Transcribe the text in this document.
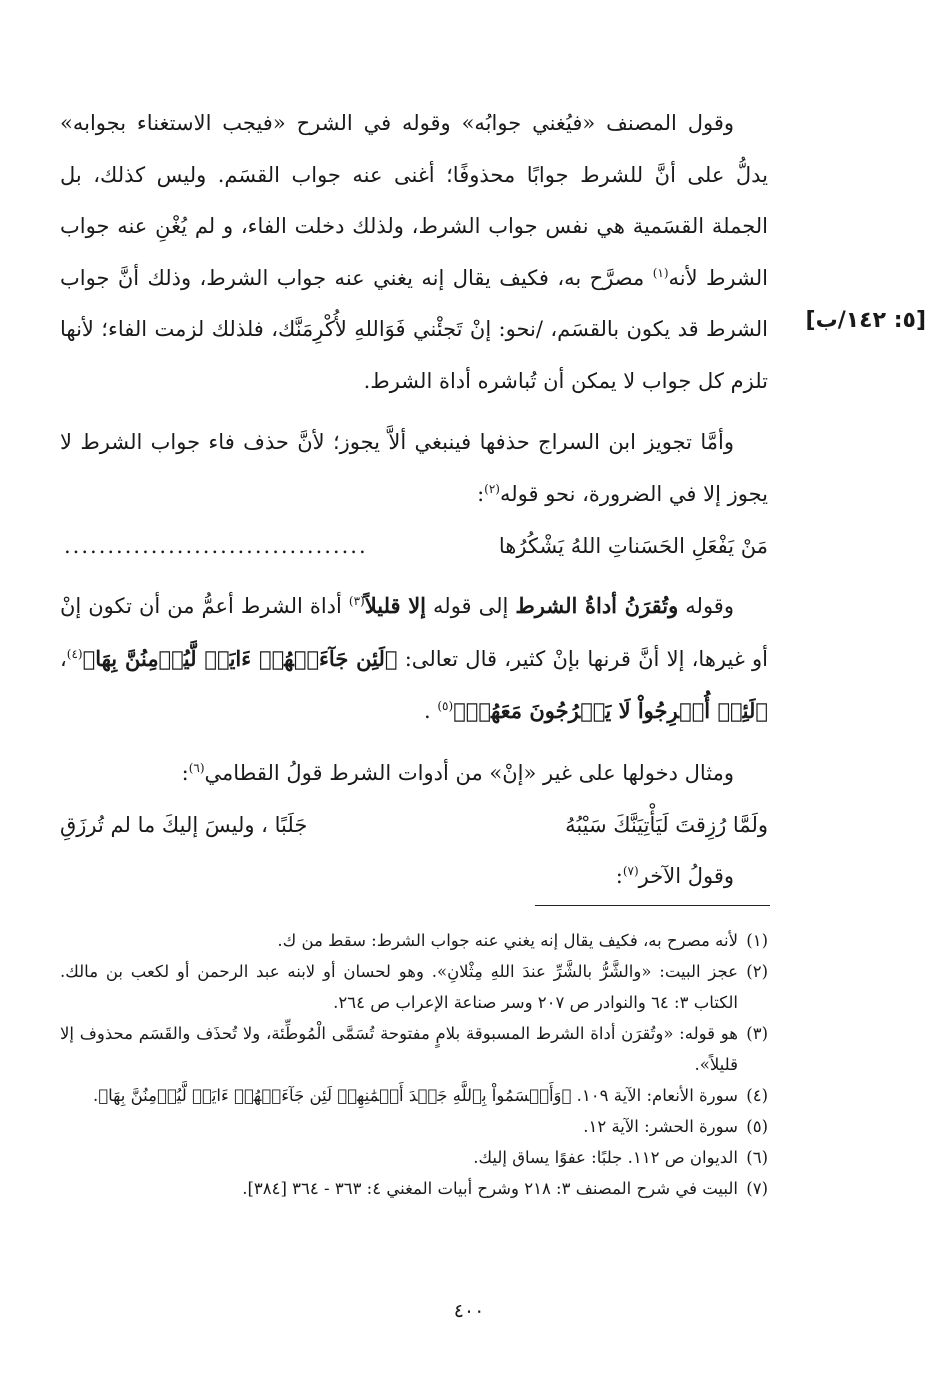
[٥: ١٤٢/ب]

وقول المصنف «فيُغني جوابُه» وقوله في الشرح «فيجب الاستغناء بجوابه» يدلُّ على أنَّ للشرط جوابًا محذوفًا؛ أغنى عنه جواب القسَم. وليس كذلك، بل الجملة القسَمية هي نفس جواب الشرط، ولذلك دخلت الفاء، و لم يُغْنِ عنه جواب الشرط لأنه$^{(١)}$ مصرَّح به، فكيف يقال إنه يغني عنه جواب الشرط، وذلك أنَّ جواب الشرط قد يكون بالقسَم، /نحو: إنْ تَجئْني فَوَاللهِ لأُكْرِمَنَّك، فلذلك لزمت الفاء؛ لأنها تلزم كل جواب لا يمكن أن تُباشره أداة الشرط.

وأمَّا تجويز ابن السراج حذفها فينبغي ألاَّ يجوز؛ لأنَّ حذف فاء جواب الشرط لا يجوز إلا في الضرورة، نحو قوله$^{(٢)}$:

مَنْ يَفْعَلِ الحَسَناتِ اللهُ يَشْكُرُها
...................................

وقوله وتُقرَنُ أداةُ الشرط إلى قوله إلا قليلاً$^{(٣)}$ أداة الشرط أعمُّ من أن تكون إنْ أو غيرها، إلا أنَّ قرنها بإنْ كثير، قال تعالى: ﴿لَئِن جَآءَتۡهُمۡ ءَايَةٞ لَّيُؤۡمِنُنَّ بِهَا﴾$^{(٤)}$، ﴿لَئِنۡ أُخۡرِجُواْ لَا يَخۡرُجُونَ مَعَهُمۡ﴾$^{(٥)}$ .

ومثال دخولها على غير «إنْ» من أدوات الشرط قولُ القطامي$^{(٦)}$:

ولَمَّا رُزِقتَ لَيَأْتِيَنَّكَ سَيْبُهُ
جَلَبًا ، وليسَ إليكَ ما لم تُرزَقِ

وقولُ الآخر$^{(٧)}$:

(١)لأنه مصرح به، فكيف يقال إنه يغني عنه جواب الشرط: سقط من ك.

(٢)عجز البيت: «والشَّرُّ بالشَّرِّ عندَ اللهِ مِثْلانِ». وهو لحسان أو لابنه عبد الرحمن أو لكعب بن مالك. الكتاب ٣: ٦٤ والنوادر ص ٢٠٧ وسر صناعة الإعراب ص ٢٦٤.

(٣)هو قوله: «وتُقرَن أداة الشرط المسبوقة بلامٍ مفتوحة تُسَمَّى الْمُوطِّئة، ولا تُحذَف والقَسَم محذوف إلا قليلاً».

(٤)سورة الأنعام: الآية ١٠٩. ﴿وَأَقۡسَمُواْ بِٱللَّهِ جَهۡدَ أَيۡمَٰنِهِمۡ لَئِن جَآءَتۡهُمۡ ءَايَةٞ لَّيُؤۡمِنُنَّ بِهَا﴾.

(٥)سورة الحشر: الآية ١٢.

(٦)الديوان ص ١١٢. جلبًا: عفوًا يساق إليك.

(٧)البيت في شرح المصنف ٣: ٢١٨ وشرح أبيات المغني ٤: ٣٦٣ - ٣٦٤ [٣٨٤].

٤٠٠
